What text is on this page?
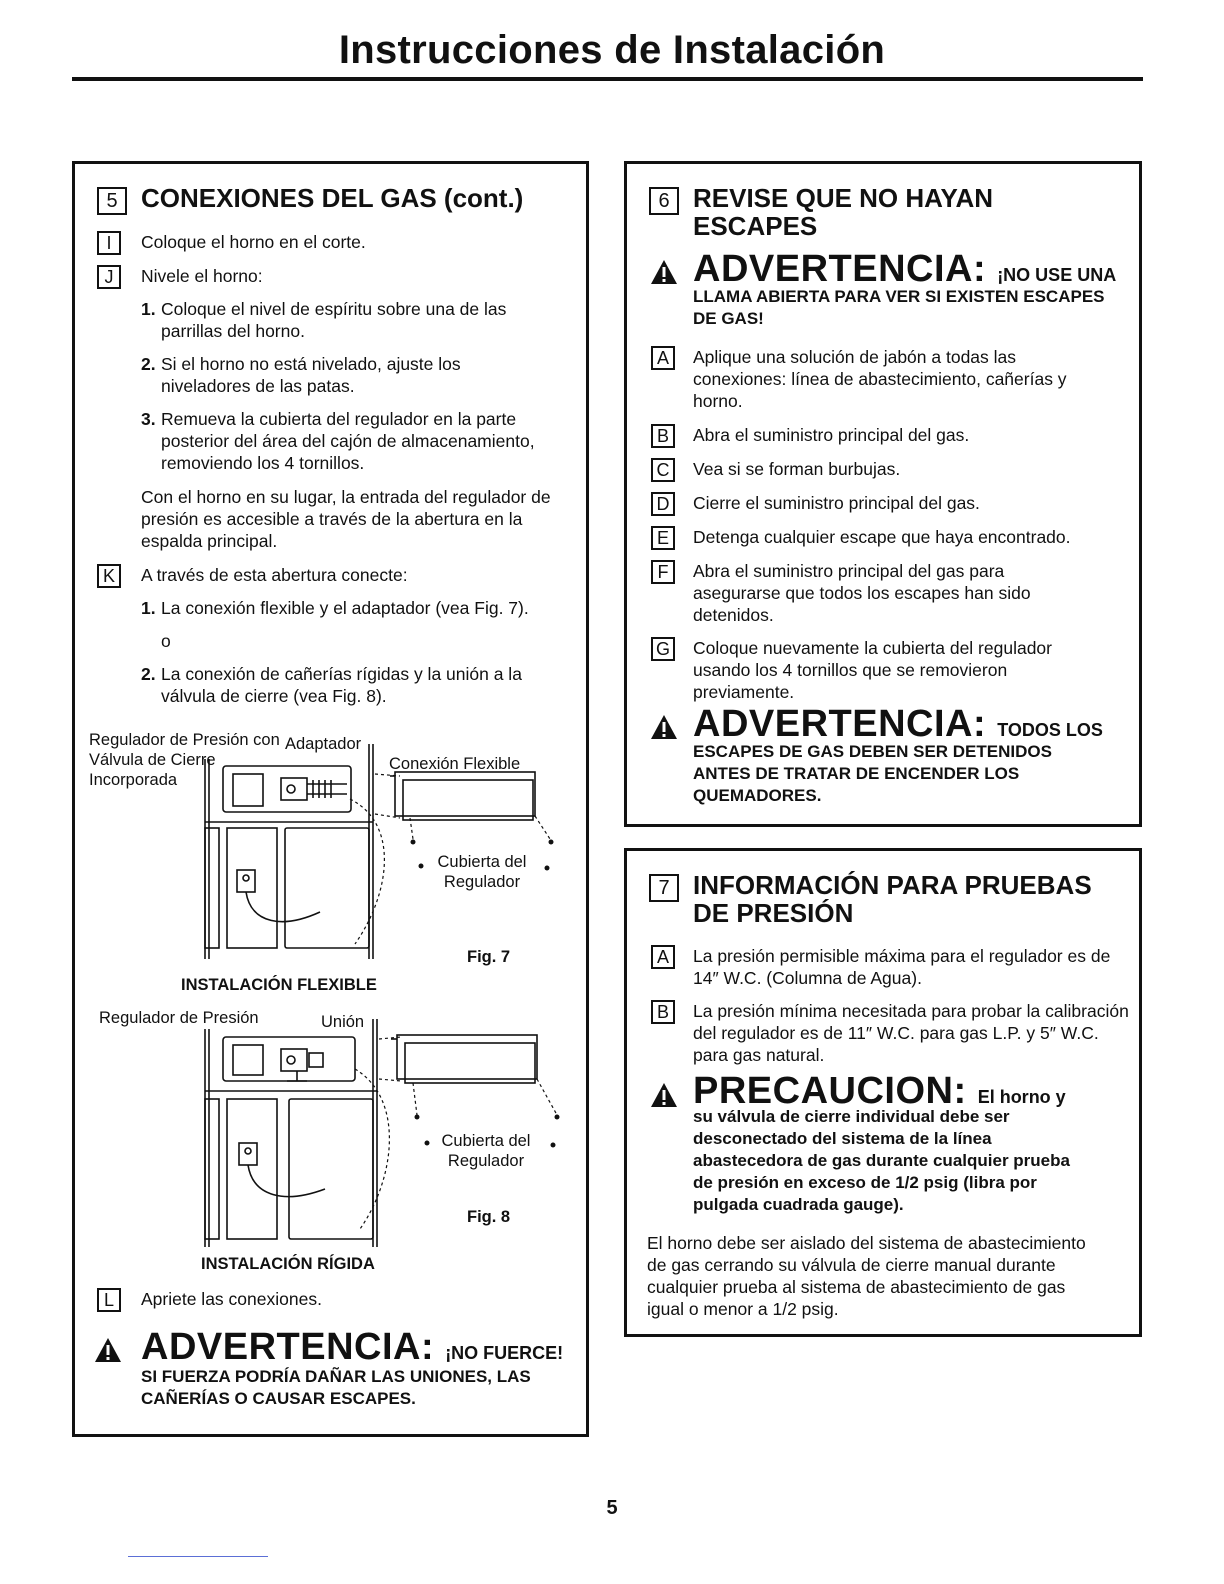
Instrucciones de Instalación
5 CONEXIONES DEL GAS (cont.)
I	Coloque el horno en el corte.
J	Nivele el horno:
1. Coloque el nivel de espíritu sobre una de las parrillas del horno.
2. Si el horno no está nivelado, ajuste los niveladores de las patas.
3. Remueva la cubierta del regulador en la parte posterior del área del cajón de almacenamiento, removiendo los 4 tornillos.
Con el horno en su lugar, la entrada del regulador de presión es accesible a través de la abertura en la espalda principal.
K	A través de esta abertura conecte:
1. La conexión flexible y el adaptador (vea Fig. 7).
o
2. La conexión de cañerías rígidas y la unión a la válvula de cierre (vea Fig. 8).
Regulador de Presión con Válvula de Cierre Incorporada
Adaptador
Conexión Flexible
Cubierta del Regulador
Fig. 7
INSTALACIÓN FLEXIBLE
Regulador de Presión	Unión
Cubierta del Regulador
Fig. 8
INSTALACIÓN RÍGIDA
L	Apriete las conexiones.
ADVERTENCIA: ¡NO FUERCE!
SI FUERZA PODRÍA DAÑAR LAS UNIONES, LAS CAÑERÍAS O CAUSAR ESCAPES.
6 REVISE QUE NO HAYAN ESCAPES
ADVERTENCIA: ¡NO USE UNA
LLAMA ABIERTA PARA VER SI EXISTEN ESCAPES DE GAS!
A	Aplique una solución de jabón a todas las conexiones: línea de abastecimiento, cañerías y horno.
B	Abra el suministro principal del gas.
C	Vea si se forman burbujas.
D	Cierre el suministro principal del gas.
E	Detenga cualquier escape que haya encontrado.
F	Abra el suministro principal del gas para asegurarse que todos los escapes han sido detenidos.
G Coloque nuevamente la cubierta del regulador usando los 4 tornillos que se removieron previamente.
ADVERTENCIA: TODOS LOS
ESCAPES DE GAS DEBEN SER DETENIDOS ANTES DE TRATAR DE ENCENDER LOS QUEMADORES.
7 INFORMACIÓN PARA PRUEBAS DE PRESIÓN
A	La presión permisible máxima para el regulador es de 14″ W.C. (Columna de Agua).
B	La presión mínima necesitada para probar la calibración del regulador es de 11″ W.C. para gas L.P. y 5″ W.C. para gas natural.
PRECAUCION: El horno y
su válvula de cierre individual debe ser desconectado del sistema de la línea abastecedora de gas durante cualquier prueba de presión en exceso de 1/2 psig (libra por pulgada cuadrada gauge).
El horno debe ser aislado del sistema de abastecimiento de gas cerrando su válvula de cierre manual durante cualquier prueba al sistema de abastecimiento de gas igual o menor a 1/2 psig.
5
